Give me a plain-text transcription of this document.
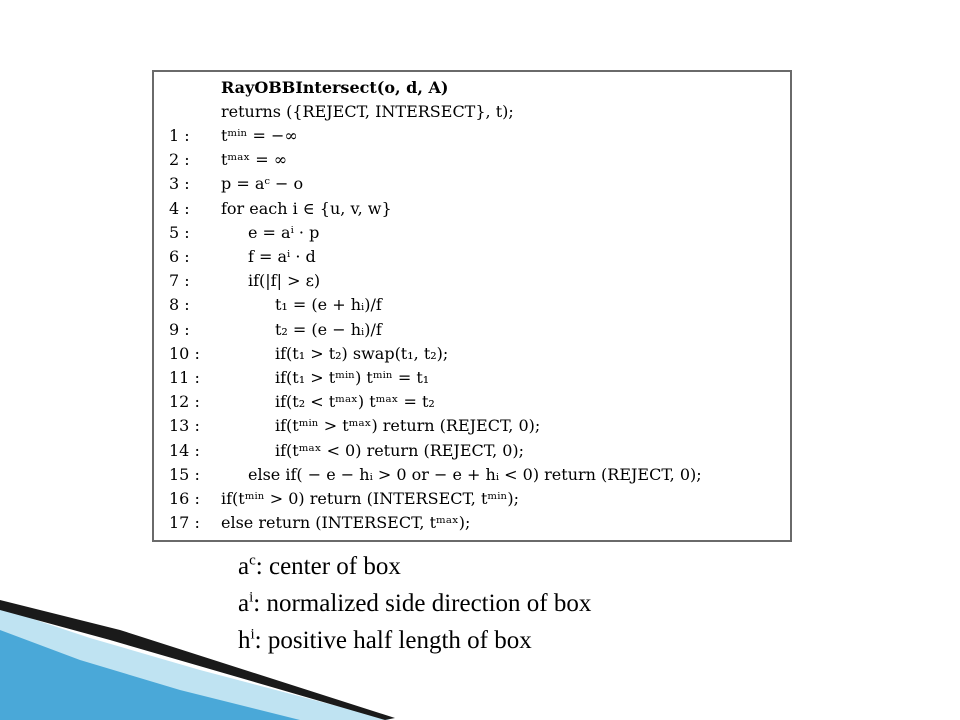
RayOBBIntersect(o, d, A)
returns ({REJECT, INTERSECT}, t);
1 :	tᵐⁱⁿ = −∞
2 :	tᵐᵃˣ = ∞
3 :	p = aᶜ − o
4 :	for each i ∈ {u, v, w}
5 :	e = aⁱ · p
6 :	f = aⁱ · d
7 :	if(|f| > ε)
8 :	t₁ = (e + hᵢ)/f
9 :	t₂ = (e − hᵢ)/f
10 :	if(t₁ > t₂) swap(t₁, t₂);
11 :	if(t₁ > tᵐⁱⁿ) tᵐⁱⁿ = t₁
12 :	if(t₂ < tᵐᵃˣ) tᵐᵃˣ = t₂
13 :	if(tᵐⁱⁿ > tᵐᵃˣ) return (REJECT, 0);
14 :	if(tᵐᵃˣ < 0) return (REJECT, 0);
15 :	else if( − e − hᵢ > 0 or − e + hᵢ < 0) return (REJECT, 0);
16 :	if(tᵐⁱⁿ > 0) return (INTERSECT, tᵐⁱⁿ);
17 :	else return (INTERSECT, tᵐᵃˣ);
$a^c$: center of box
$a^i$: normalized side direction of box
$h^i$: positive half length of box
